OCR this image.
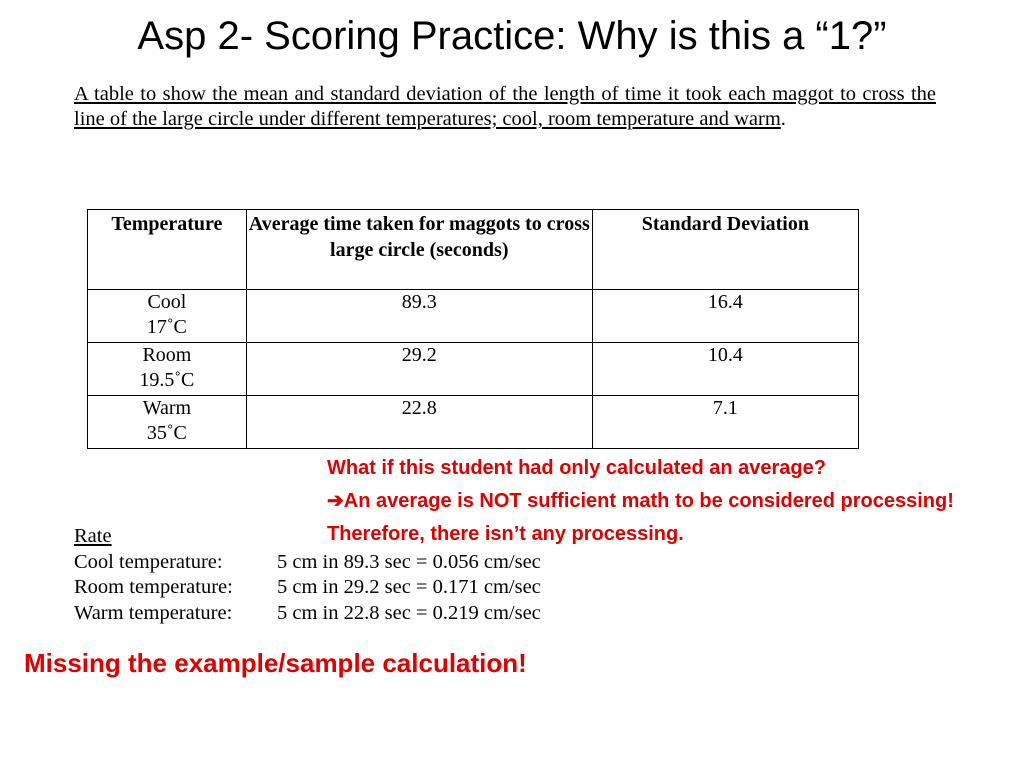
Asp 2- Scoring Practice: Why is this a “1?”
A table to show the mean and standard deviation of the length of time it took each maggot to cross the line of the large circle under different temperatures; cool, room temperature and warm.
Temperature	Average time taken for maggots to cross large circle (seconds)	Standard Deviation

Cool
17˚C	89.3	16.4

Room
19.5˚C	29.2	10.4

Warm
35˚C	22.8	7.1
What if this student had only calculated an average?
➔An average is NOT sufficient math to be considered processing! Therefore, there isn’t any processing.
Rate
Cool temperature:	5 cm in 89.3 sec = 0.056 cm/sec
Room temperature:	5 cm in 29.2 sec = 0.171 cm/sec
Warm temperature:	5 cm in 22.8 sec = 0.219 cm/sec
Missing the example/sample calculation!
